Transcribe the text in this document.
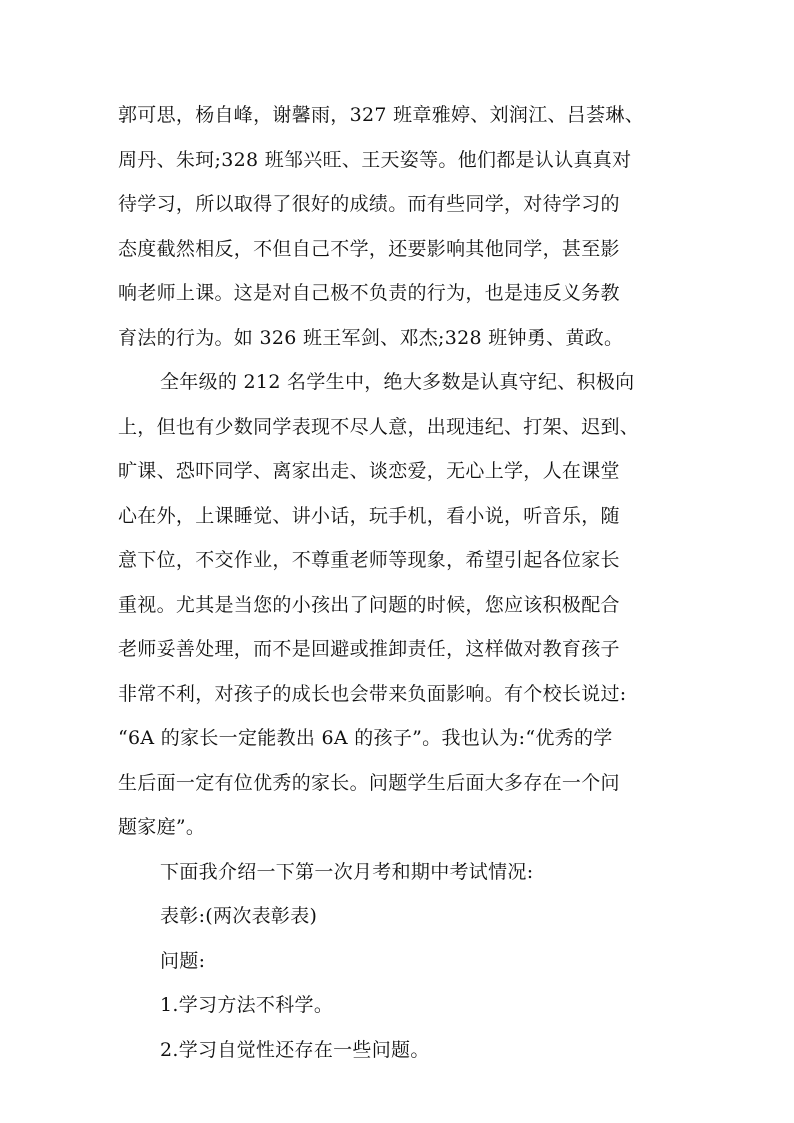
郭可思，杨自峰，谢馨雨，327 班章雅婷、刘润江、吕荟琳、
周丹、朱珂;328 班邹兴旺、王天姿等。他们都是认认真真对
待学习，所以取得了很好的成绩。而有些同学，对待学习的
态度截然相反，不但自己不学，还要影响其他同学，甚至影
响老师上课。这是对自己极不负责的行为，也是违反义务教
育法的行为。如 326 班王军剑、邓杰;328 班钟勇、黄政。

全年级的 212 名学生中，绝大多数是认真守纪、积极向
上，但也有少数同学表现不尽人意，出现违纪、打架、迟到、
旷课、恐吓同学、离家出走、谈恋爱，无心上学，人在课堂
心在外，上课睡觉、讲小话，玩手机，看小说，听音乐，随
意下位，不交作业，不尊重老师等现象，希望引起各位家长
重视。尤其是当您的小孩出了问题的时候，您应该积极配合
老师妥善处理，而不是回避或推卸责任，这样做对教育孩子
非常不利，对孩子的成长也会带来负面影响。有个校长说过:
“6A 的家长一定能教出 6A 的孩子”。我也认为:“优秀的学
生后面一定有位优秀的家长。问题学生后面大多存在一个问
题家庭”。

下面我介绍一下第一次月考和期中考试情况:

表彰:(两次表彰表)

问题:

1.学习方法不科学。

2.学习自觉性还存在一些问题。
